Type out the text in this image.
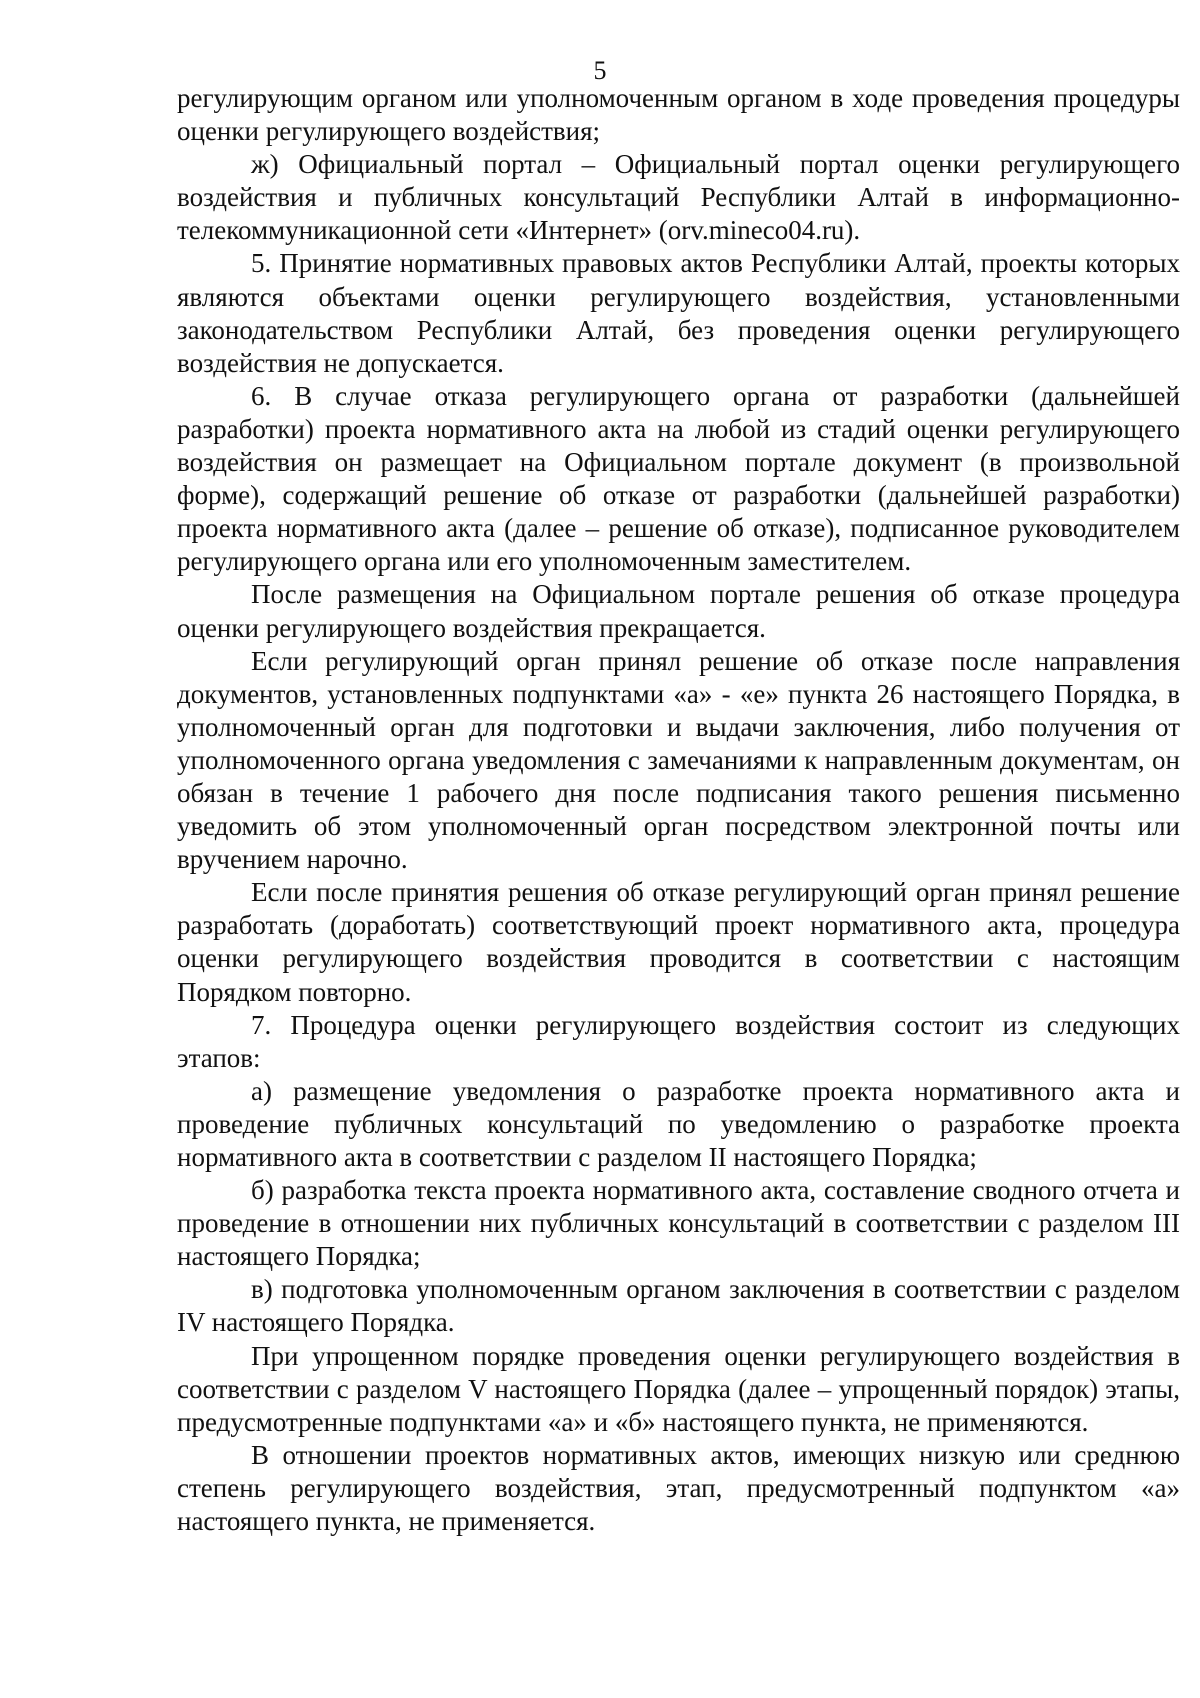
5

регулирующим органом или уполномоченным органом в ходе проведения процедуры оценки регулирующего воздействия;

ж) Официальный портал – Официальный портал оценки регулирующего воздействия и публичных консультаций Республики Алтай в информационно-телекоммуникационной сети «Интернет» (orv.mineco04.ru).

5. Принятие нормативных правовых актов Республики Алтай, проекты которых являются объектами оценки регулирующего воздействия, установленными законодательством Республики Алтай, без проведения оценки регулирующего воздействия не допускается.

6. В случае отказа регулирующего органа от разработки (дальнейшей разработки) проекта нормативного акта на любой из стадий оценки регулирующего воздействия он размещает на Официальном портале документ (в произвольной форме), содержащий решение об отказе от разработки (дальнейшей разработки) проекта нормативного акта (далее – решение об отказе), подписанное руководителем регулирующего органа или его уполномоченным заместителем.

После размещения на Официальном портале решения об отказе процедура оценки регулирующего воздействия прекращается.

Если регулирующий орган принял решение об отказе после направления документов, установленных подпунктами «а» - «е» пункта 26 настоящего Порядка, в уполномоченный орган для подготовки и выдачи заключения, либо получения от уполномоченного органа уведомления с замечаниями к направленным документам, он обязан в течение 1 рабочего дня после подписания такого решения письменно уведомить об этом уполномоченный орган посредством электронной почты или вручением нарочно.

Если после принятия решения об отказе регулирующий орган принял решение разработать (доработать) соответствующий проект нормативного акта, процедура оценки регулирующего воздействия проводится в соответствии с настоящим Порядком повторно.

7. Процедура оценки регулирующего воздействия состоит из следующих этапов:

а) размещение уведомления о разработке проекта нормативного акта и проведение публичных консультаций по уведомлению о разработке проекта нормативного акта в соответствии с разделом II настоящего Порядка;

б) разработка текста проекта нормативного акта, составление сводного отчета и проведение в отношении них публичных консультаций в соответствии с разделом III настоящего Порядка;

в) подготовка уполномоченным органом заключения в соответствии с разделом IV настоящего Порядка.

При упрощенном порядке проведения оценки регулирующего воздействия в соответствии с разделом V настоящего Порядка (далее – упрощенный порядок) этапы, предусмотренные подпунктами «а» и «б» настоящего пункта, не применяются.

В отношении проектов нормативных актов, имеющих низкую или среднюю степень регулирующего воздействия, этап, предусмотренный подпунктом «а» настоящего пункта, не применяется.
